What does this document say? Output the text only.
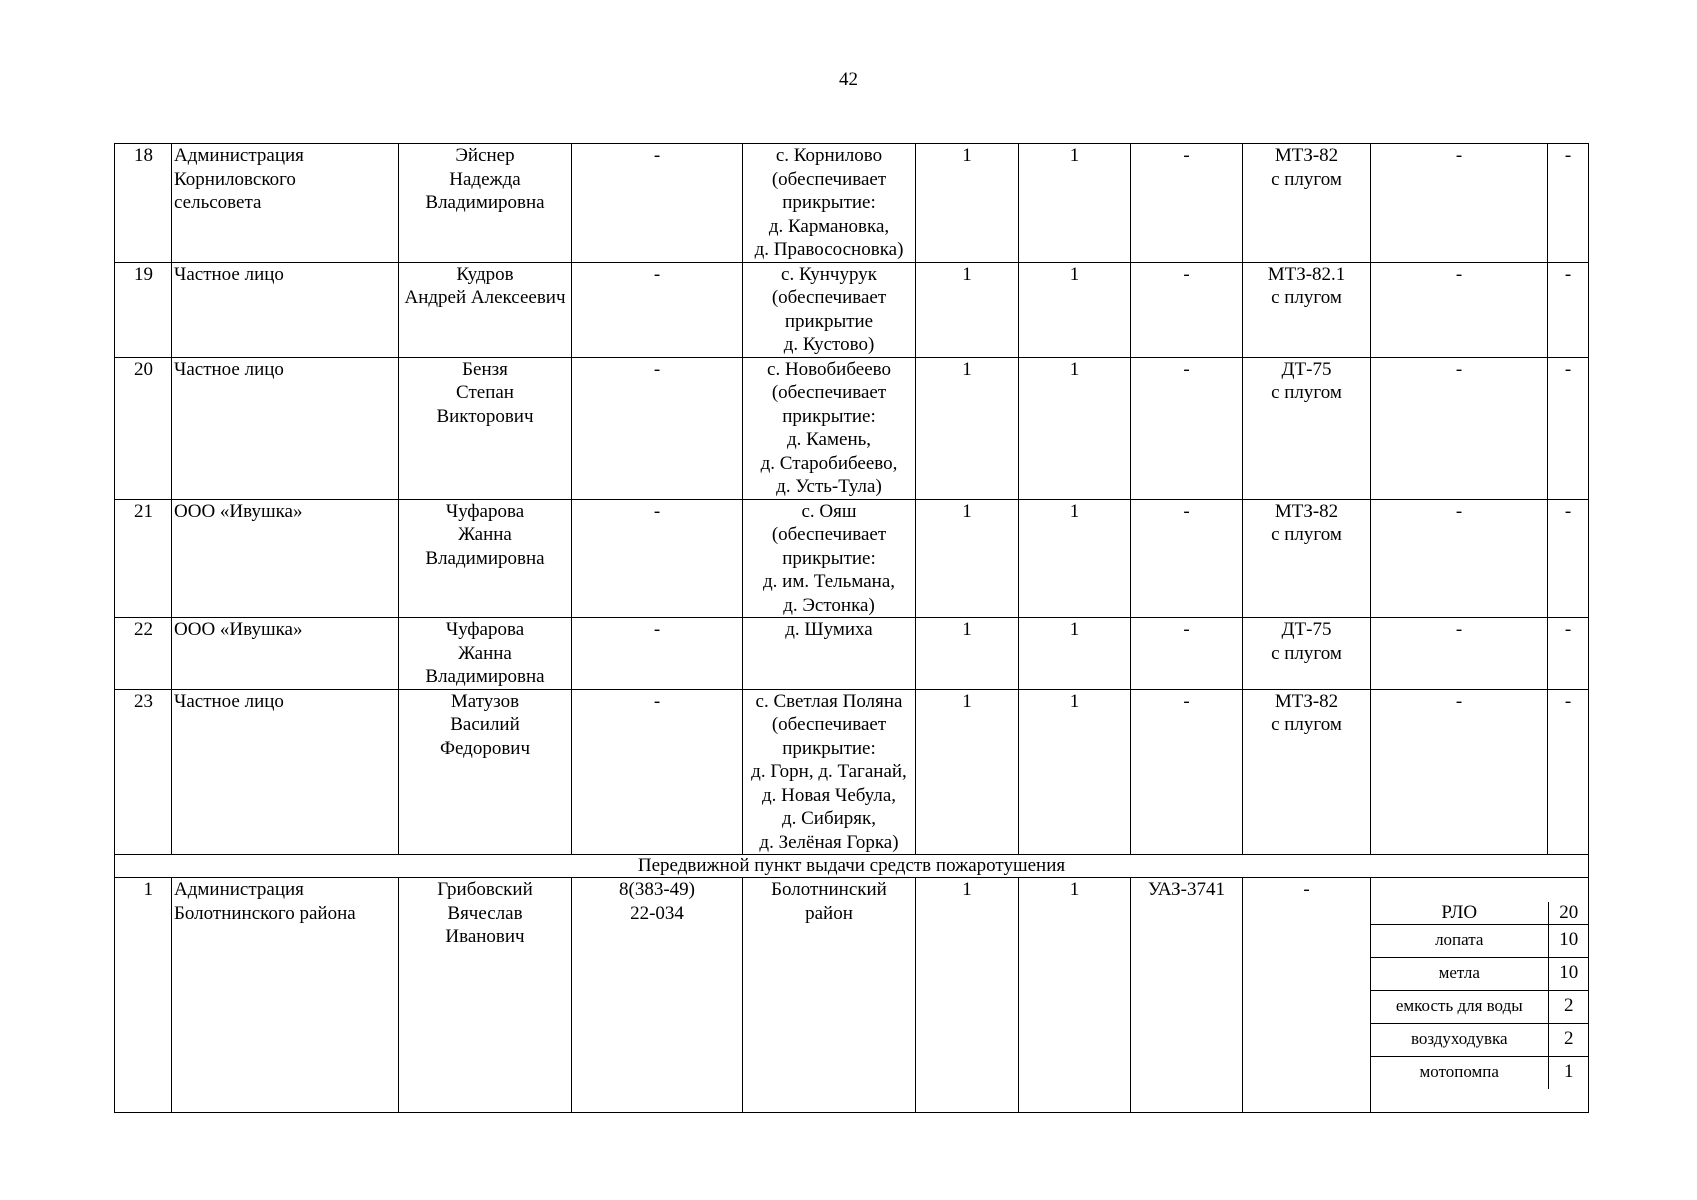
42
18	Администрация
Корниловского
сельсовета	Эйснер
Надежда
Владимировна	-	с. Корнилово
(обеспечивает
прикрытие:
д. Кармановка,
д. Правососновка)	1	1	-	МТЗ-82
с плугом	-	-
19	Частное лицо	Кудров
Андрей Алексеевич	-	с. Кунчурук
(обеспечивает
прикрытие
д. Кустово)	1	1	-	МТЗ-82.1
с плугом	-	-
20	Частное лицо	Бензя
Степан
Викторович	-	с. Новобибеево
(обеспечивает
прикрытие:
д. Камень,
д. Старобибеево,
д. Усть-Тула)	1	1	-	ДТ-75
с плугом	-	-
21	ООО «Ивушка»	Чуфарова
Жанна
Владимировна	-	с. Ояш
(обеспечивает
прикрытие:
д. им. Тельмана,
д. Эстонка)	1	1	-	МТЗ-82
с плугом	-	-
22	ООО «Ивушка»	Чуфарова
Жанна
Владимировна	-	д. Шумиха	1	1	-	ДТ-75
с плугом	-	-
23	Частное лицо	Матузов
Василий
Федорович	-	с. Светлая Поляна
(обеспечивает
прикрытие:
д. Горн, д. Таганай,
д. Новая Чебула,
д. Сибиряк,
д. Зелёная Горка)	1	1	-	МТЗ-82
с плугом	-	-
Передвижной пункт выдачи средств пожаротушения
1	Администрация
Болотнинского района	Грибовский
Вячеслав
Иванович	8(383-49)
22-034	Болотнинский
район	1	1	УАЗ-3741	-	

РЛО	20
лопата	10
метла	10
емкость для воды	2
воздуходувка	2
мотопомпа	1
